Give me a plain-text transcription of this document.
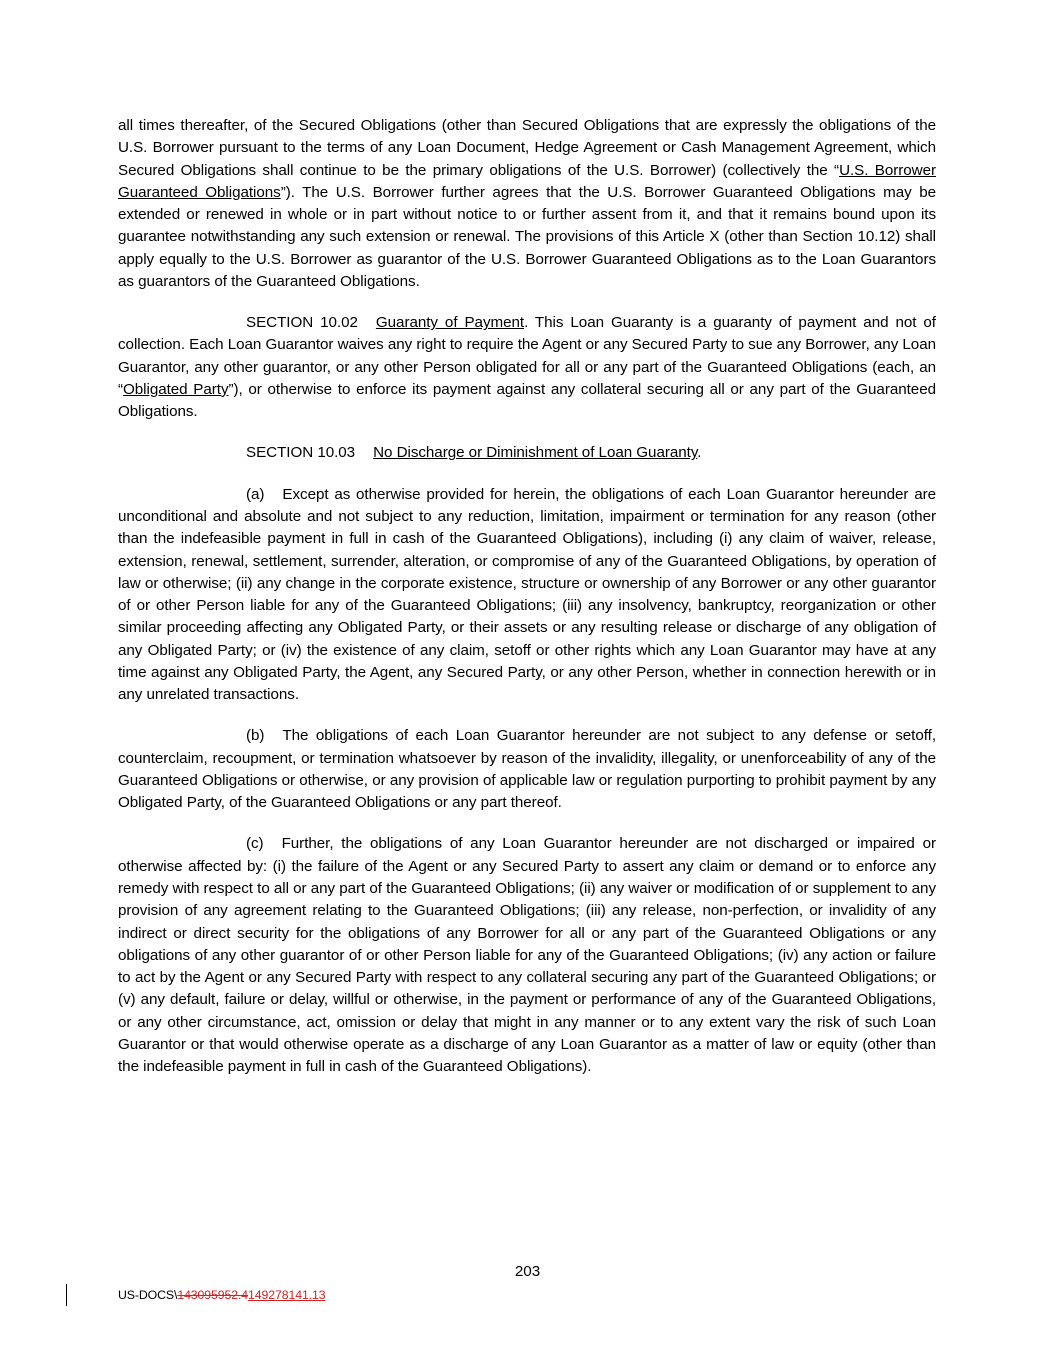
all times thereafter, of the Secured Obligations (other than Secured Obligations that are expressly the obligations of the U.S. Borrower pursuant to the terms of any Loan Document, Hedge Agreement or Cash Management Agreement, which Secured Obligations shall continue to be the primary obligations of the U.S. Borrower) (collectively the “U.S. Borrower Guaranteed Obligations”). The U.S. Borrower further agrees that the U.S. Borrower Guaranteed Obligations may be extended or renewed in whole or in part without notice to or further assent from it, and that it remains bound upon its guarantee notwithstanding any such extension or renewal. The provisions of this Article X (other than Section 10.12) shall apply equally to the U.S. Borrower as guarantor of the U.S. Borrower Guaranteed Obligations as to the Loan Guarantors as guarantors of the Guaranteed Obligations.

SECTION 10.02 Guaranty of Payment. This Loan Guaranty is a guaranty of payment and not of collection. Each Loan Guarantor waives any right to require the Agent or any Secured Party to sue any Borrower, any Loan Guarantor, any other guarantor, or any other Person obligated for all or any part of the Guaranteed Obligations (each, an “Obligated Party”), or otherwise to enforce its payment against any collateral securing all or any part of the Guaranteed Obligations.

SECTION 10.03 No Discharge or Diminishment of Loan Guaranty.

(a) Except as otherwise provided for herein, the obligations of each Loan Guarantor hereunder are unconditional and absolute and not subject to any reduction, limitation, impairment or termination for any reason (other than the indefeasible payment in full in cash of the Guaranteed Obligations), including (i) any claim of waiver, release, extension, renewal, settlement, surrender, alteration, or compromise of any of the Guaranteed Obligations, by operation of law or otherwise; (ii) any change in the corporate existence, structure or ownership of any Borrower or any other guarantor of or other Person liable for any of the Guaranteed Obligations; (iii) any insolvency, bankruptcy, reorganization or other similar proceeding affecting any Obligated Party, or their assets or any resulting release or discharge of any obligation of any Obligated Party; or (iv) the existence of any claim, setoff or other rights which any Loan Guarantor may have at any time against any Obligated Party, the Agent, any Secured Party, or any other Person, whether in connection herewith or in any unrelated transactions.

(b) The obligations of each Loan Guarantor hereunder are not subject to any defense or setoff, counterclaim, recoupment, or termination whatsoever by reason of the invalidity, illegality, or unenforceability of any of the Guaranteed Obligations or otherwise, or any provision of applicable law or regulation purporting to prohibit payment by any Obligated Party, of the Guaranteed Obligations or any part thereof.

(c) Further, the obligations of any Loan Guarantor hereunder are not discharged or impaired or otherwise affected by: (i) the failure of the Agent or any Secured Party to assert any claim or demand or to enforce any remedy with respect to all or any part of the Guaranteed Obligations; (ii) any waiver or modification of or supplement to any provision of any agreement relating to the Guaranteed Obligations; (iii) any release, non-perfection, or invalidity of any indirect or direct security for the obligations of any Borrower for all or any part of the Guaranteed Obligations or any obligations of any other guarantor of or other Person liable for any of the Guaranteed Obligations; (iv) any action or failure to act by the Agent or any Secured Party with respect to any collateral securing any part of the Guaranteed Obligations; or (v) any default, failure or delay, willful or otherwise, in the payment or performance of any of the Guaranteed Obligations, or any other circumstance, act, omission or delay that might in any manner or to any extent vary the risk of such Loan Guarantor or that would otherwise operate as a discharge of any Loan Guarantor as a matter of law or equity (other than the indefeasible payment in full in cash of the Guaranteed Obligations).

203
US-DOCS\143095952.4149278141.13
